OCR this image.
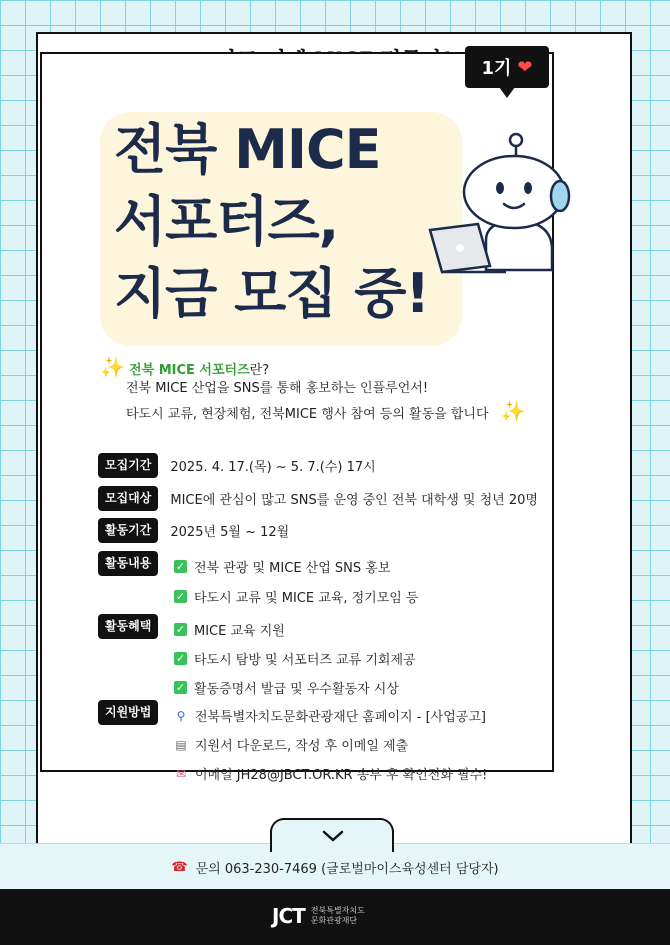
1기 ❤
전북 MICE
서포터즈,
지금 모집 중!
✨ 전북 MICE 서포터즈란?
전북 MICE 산업을 SNS를 통해 홍보하는 인플루언서!
타도시 교류, 현장체험, 전북MICE 행사 참여 등의 활동을 합니다 ✨
모집기간	2025. 4. 17.(목) ~ 5. 7.(수) 17시
모집대상	MICE에 관심이 많고 SNS를 운영 중인 전북 대학생 및 청년 20명
활동기간	2025년 5월 ~ 12월
활동내용	✓ 전북 관광 및 MICE 산업 SNS 홍보
✓ 타도시 교류 및 MICE 교육, 정기모임 등
활동혜택	✓ MICE 교육 지원
✓ 타도시 탐방 및 서포터즈 교류 기회제공
✓ 활동증명서 발급 및 우수활동자 시상
지원방법	⚲ 전북특별자치도문화관광재단 홈페이지 - [사업공고]
▤ 지원서 다운로드, 작성 후 이메일 제출
✉ 이메일 JH28@JBCT.OR.KR 송부 후 확인전화 필수!
☎ 문의 063-230-7469 (글로벌마이스육성센터 담당자)
JCT 전북특별자치도
문화관광재단
